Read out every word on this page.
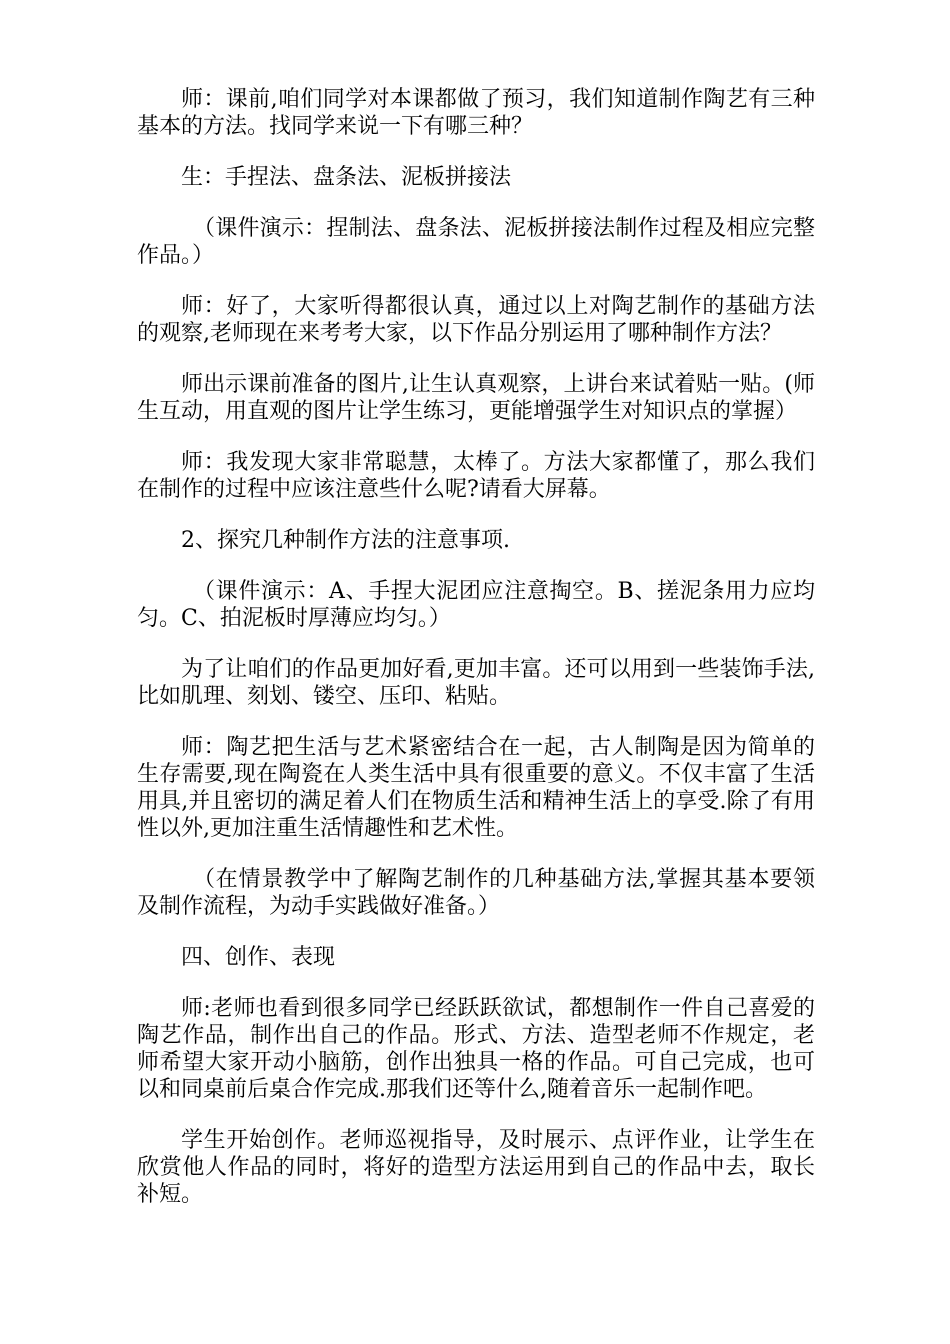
师：课前,咱们同学对本课都做了预习，我们知道制作陶艺有三种基本的方法。找同学来说一下有哪三种？

生：手捏法、盘条法、泥板拼接法

（课件演示：捏制法、盘条法、泥板拼接法制作过程及相应完整作品。）

师：好了，大家听得都很认真，通过以上对陶艺制作的基础方法的观察,老师现在来考考大家，以下作品分别运用了哪种制作方法？

师出示课前准备的图片,让生认真观察，上讲台来试着贴一贴。(师生互动，用直观的图片让学生练习，更能增强学生对知识点的掌握）

师：我发现大家非常聪慧，太棒了。方法大家都懂了，那么我们在制作的过程中应该注意些什么呢?请看大屏幕。

2、探究几种制作方法的注意事项.

（课件演示：A、手捏大泥团应注意掏空。B、搓泥条用力应均匀。C、拍泥板时厚薄应均匀。）

为了让咱们的作品更加好看,更加丰富。还可以用到一些装饰手法,比如肌理、刻划、镂空、压印、粘贴。

师：陶艺把生活与艺术紧密结合在一起，古人制陶是因为简单的生存需要,现在陶瓷在人类生活中具有很重要的意义。不仅丰富了生活用具,并且密切的满足着人们在物质生活和精神生活上的享受.除了有用性以外,更加注重生活情趣性和艺术性。

（在情景教学中了解陶艺制作的几种基础方法,掌握其基本要领及制作流程，为动手实践做好准备。）

四、创作、表现

师:老师也看到很多同学已经跃跃欲试，都想制作一件自己喜爱的陶艺作品，制作出自己的作品。形式、方法、造型老师不作规定，老师希望大家开动小脑筋，创作出独具一格的作品。可自己完成，也可以和同桌前后桌合作完成.那我们还等什么,随着音乐一起制作吧。

学生开始创作。老师巡视指导，及时展示、点评作业，让学生在欣赏他人作品的同时，将好的造型方法运用到自己的作品中去，取长补短。
